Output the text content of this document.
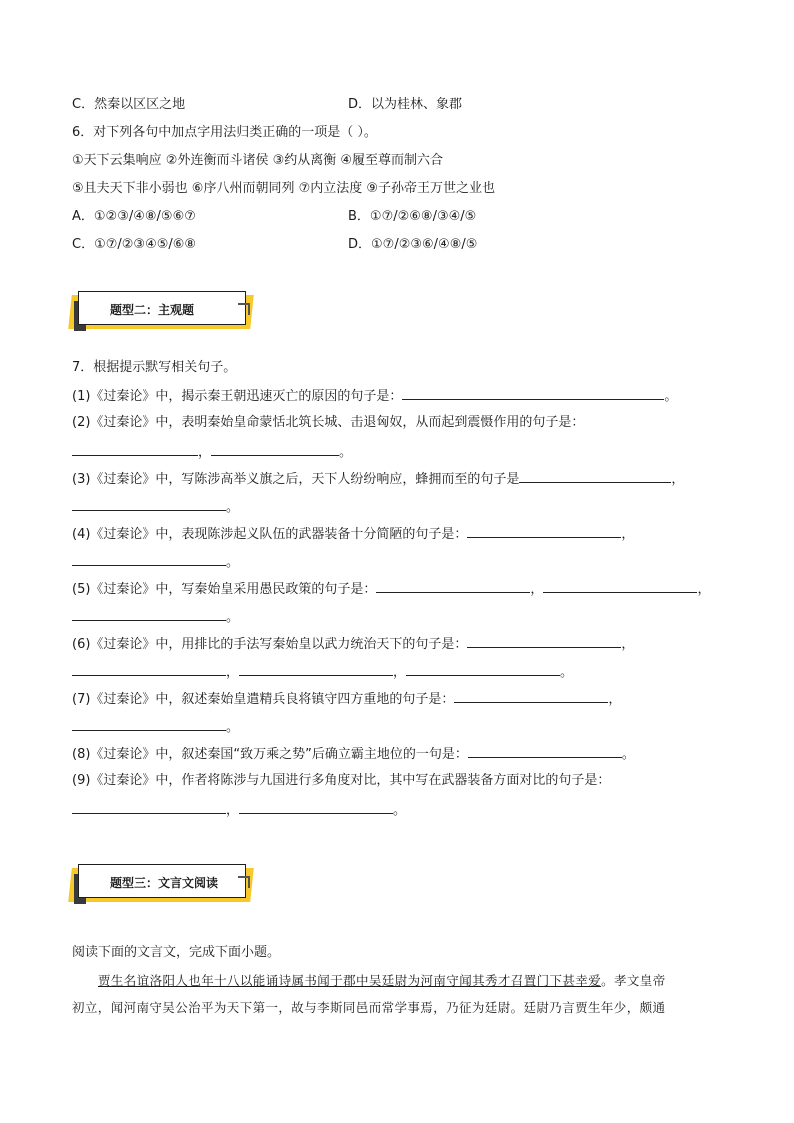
C．然秦以区区之地	D．以为桂林、象郡
6．对下列各句中加点字用法归类正确的一项是（ ）。
①天下云集响应 ②外连衡而斗诸侯 ③约从离衡 ④履至尊而制六合
⑤且夫天下非小弱也 ⑥序八州而朝同列 ⑦内立法度 ⑨子孙帝王万世之业也
A．①②③/④⑧/⑤⑥⑦	B．①⑦/②⑥⑧/③④/⑤
C．①⑦/②③④⑤/⑥⑧	D．①⑦/②③⑥/④⑧/⑤
题型二：主观题
7．根据提示默写相关句子。
(1)《过秦论》中，揭示秦王朝迅速灭亡的原因的句子是：	。
(2)《过秦论》中，表明秦始皇命蒙恬北筑长城、击退匈奴，从而起到震慑作用的句子是：
，	。
(3)《过秦论》中，写陈涉高举义旗之后，天下人纷纷响应，蜂拥而至的句子是	，
。
(4)《过秦论》中，表现陈涉起义队伍的武器装备十分简陋的句子是：	，
。
(5)《过秦论》中，写秦始皇采用愚民政策的句子是：	，	，
。
(6)《过秦论》中，用排比的手法写秦始皇以武力统治天下的句子是：	，
，	，	。
(7)《过秦论》中，叙述秦始皇遣精兵良将镇守四方重地的句子是：	，
。
(8)《过秦论》中，叙述秦国“致万乘之势”后确立霸主地位的一句是：	。
(9)《过秦论》中，作者将陈涉与九国进行多角度对比，其中写在武器装备方面对比的句子是：
，	。
题型三：文言文阅读
阅读下面的文言文，完成下面小题。
贾生名谊洛阳人也年十八以能诵诗属书闻于郡中吴廷尉为河南守闻其秀才召置门下甚幸爱。孝文皇帝
初立，闻河南守吴公治平为天下第一，故与李斯同邑而常学事焉，乃征为廷尉。廷尉乃言贾生年少，颇通
